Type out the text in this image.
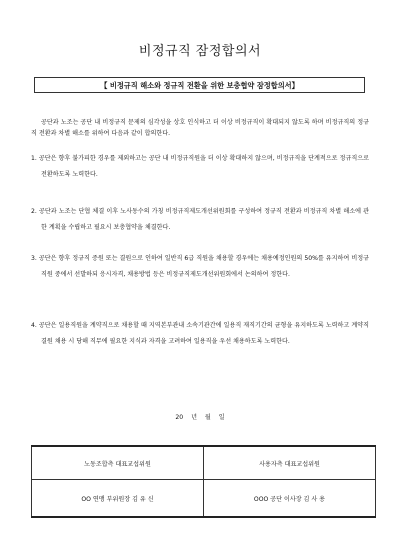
비정규직 잠정합의서
【 비정규직 해소와 정규직 전환을 위한 보충협약 잠정합의서】
공단과 노조는 공단 내 비정규직 문제의 심각성을 상호 인식하고 더 이상 비정규직이 확대되지 않도록 하며 비정규직의 정규직 전환과 차별 해소를 위하여 다음과 같이 합의한다.
1. 공단은 향후 불가피한 경우를 제외하고는 공단 내 비정규직원을 더 이상 확대하지 않으며, 비정규직을 단계적으로 정규직으로 전환하도록 노력한다.
2. 공단과 노조는 단협 체결 이후 노사동수의 가칭 비정규직제도개선위원회를 구성하여 정규직 전환과 비정규직 차별 해소에 관한 계획을 수립하고 필요시 보충협약을 체결한다.
3. 공단은 향후 정규직 증원 또는 결원으로 인하여 일반직 6급 직원을 채용할 경우에는 채용예정인원의 50%를 유지하여 비정규직원 중에서 선발하되 응시자격, 채용방법 등은 비정규직제도개선위원회에서 논의하여 정한다.
4. 공단은 일용직원을 계약직으로 채용할 때 지역본부관내 소속기관간에 일용직 재직기간의 균형을 유지하도록 노력하고 계약직 결원 채용 시 당해 직무에 필요한 지식과 자격을 고려하여 일용직을 우선 채용하도록 노력한다.
20 년 월 일
노동조합측 대표교섭위원	사용자측 대표교섭위원
OO 연맹 부위원장 김 유 신	OOO 공단 이사장 김 사 용
